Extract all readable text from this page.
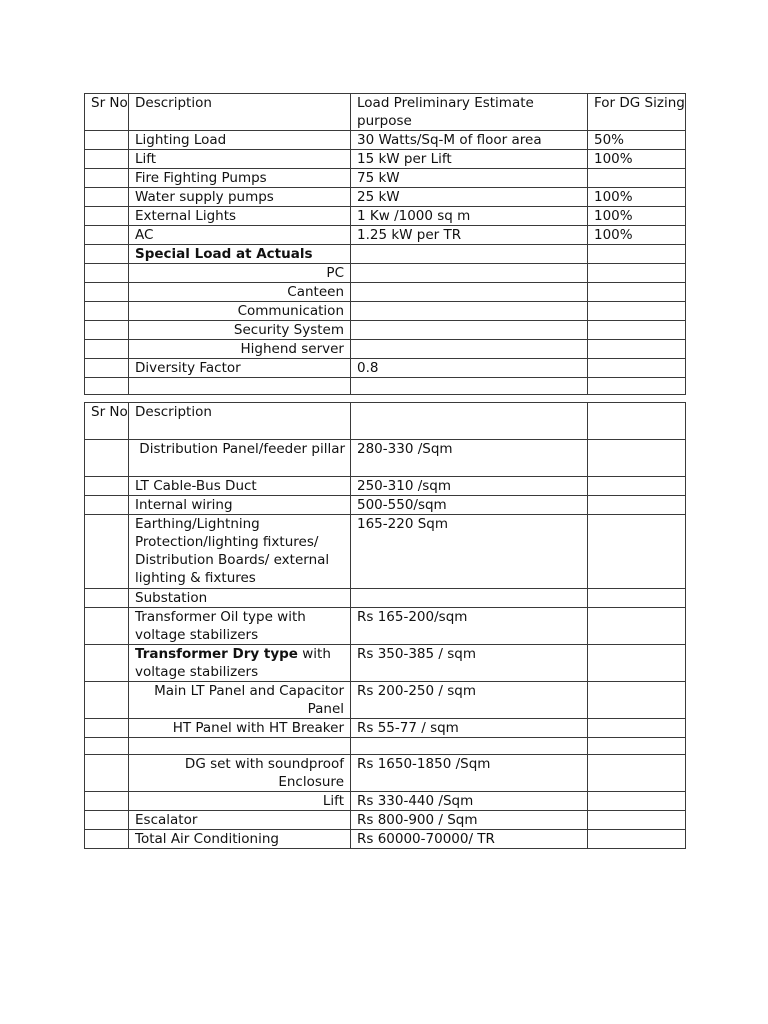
Sr No	Description	Load Preliminary Estimate purpose	For DG Sizing
	Lighting Load	30 Watts/Sq-M of floor area	50%
	Lift	15 kW per Lift	100%
	Fire Fighting Pumps	75 kW	
	Water supply pumps	25 kW	100%
	External Lights	1 Kw /1000 sq m	100%
	AC	1.25 kW per TR	100%
	Special Load at Actuals		
	PC		
	Canteen		
	Communication		
	Security System		
	Highend server		
	Diversity Factor	0.8	

Sr No	Description		
	Distribution Panel/feeder pillar	280-330 /Sqm	
	LT Cable-Bus Duct	250-310 /sqm	
	Internal wiring	500-550/sqm	
	Earthing/Lightning Protection/lighting fixtures/ Distribution Boards/ external lighting & fixtures	165-220 Sqm	
	Substation		
	Transformer Oil type with voltage stabilizers	Rs 165-200/sqm	
	Transformer Dry type with voltage stabilizers	Rs 350-385 / sqm	
	Main LT Panel and Capacitor Panel	Rs 200-250 / sqm	
	HT Panel with HT Breaker	Rs 55-77 / sqm	

	DG set with soundproof Enclosure	Rs 1650-1850 /Sqm	
	Lift	Rs 330-440 /Sqm	
	Escalator	Rs 800-900 / Sqm	
	Total Air Conditioning	Rs 60000-70000/ TR	
